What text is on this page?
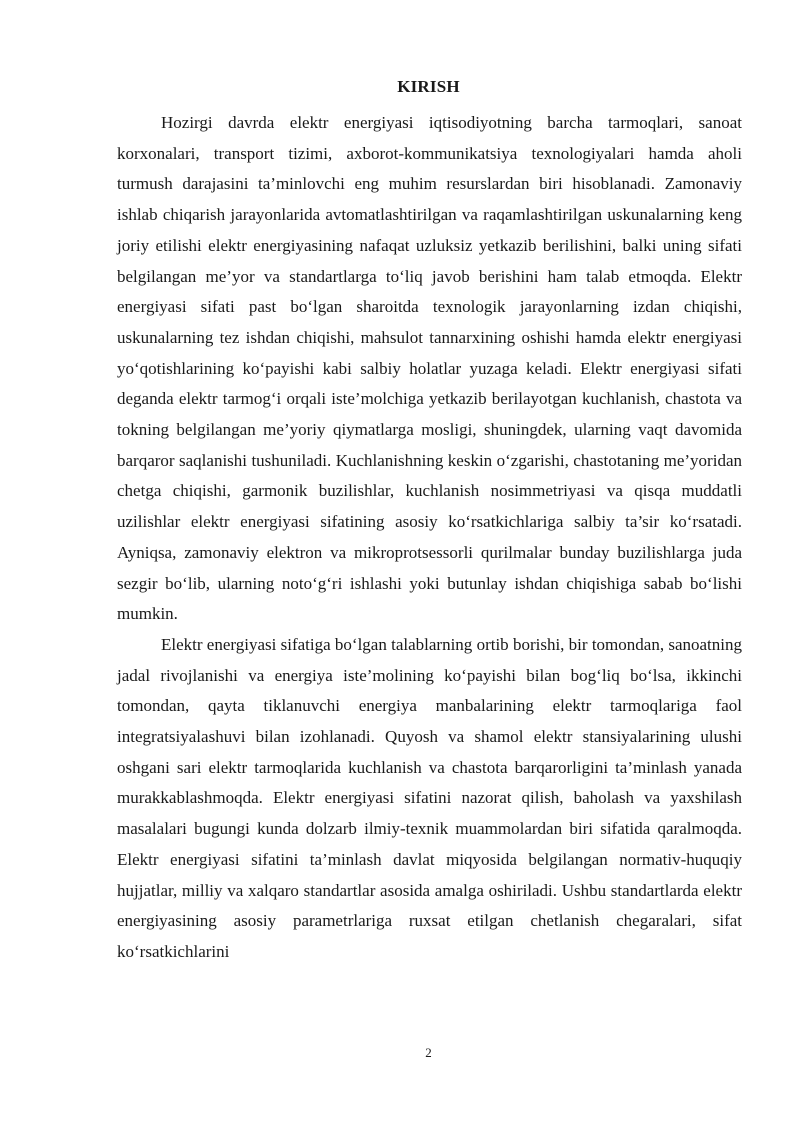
KIRISH

Hozirgi davrda elektr energiyasi iqtisodiyotning barcha tarmoqlari, sanoat korxonalari, transport tizimi, axborot-kommunikatsiya texnologiyalari hamda aholi turmush darajasini ta’minlovchi eng muhim resurslardan biri hisoblanadi. Zamonaviy ishlab chiqarish jarayonlarida avtomatlashtirilgan va raqamlashtirilgan uskunalarning keng joriy etilishi elektr energiyasining nafaqat uzluksiz yetkazib berilishini, balki uning sifati belgilangan me’yor va standartlarga to‘liq javob berishini ham talab etmoqda. Elektr energiyasi sifati past bo‘lgan sharoitda texnologik jarayonlarning izdan chiqishi, uskunalarning tez ishdan chiqishi, mahsulot tannarxining oshishi hamda elektr energiyasi yo‘qotishlarining ko‘payishi kabi salbiy holatlar yuzaga keladi. Elektr energiyasi sifati deganda elektr tarmog‘i orqali iste’molchiga yetkazib berilayotgan kuchlanish, chastota va tokning belgilangan me’yoriy qiymatlarga mosligi, shuningdek, ularning vaqt davomida barqaror saqlanishi tushuniladi. Kuchlanishning keskin o‘zgarishi, chastotaning me’yoridan chetga chiqishi, garmonik buzilishlar, kuchlanish nosimmetriyasi va qisqa muddatli uzilishlar elektr energiyasi sifatining asosiy ko‘rsatkichlariga salbiy ta’sir ko‘rsatadi. Ayniqsa, zamonaviy elektron va mikroprotsessorli qurilmalar bunday buzilishlarga juda sezgir bo‘lib, ularning noto‘g‘ri ishlashi yoki butunlay ishdan chiqishiga sabab bo‘lishi mumkin.

Elektr energiyasi sifatiga bo‘lgan talablarning ortib borishi, bir tomondan, sanoatning jadal rivojlanishi va energiya iste’molining ko‘payishi bilan bog‘liq bo‘lsa, ikkinchi tomondan, qayta tiklanuvchi energiya manbalarining elektr tarmoqlariga faol integratsiyalashuvi bilan izohlanadi. Quyosh va shamol elektr stansiyalarining ulushi oshgani sari elektr tarmoqlarida kuchlanish va chastota barqarorligini ta’minlash yanada murakkablashmoqda. Elektr energiyasi sifatini nazorat qilish, baholash va yaxshilash masalalari bugungi kunda dolzarb ilmiy-texnik muammolardan biri sifatida qaralmoqda. Elektr energiyasi sifatini ta’minlash davlat miqyosida belgilangan normativ-huquqiy hujjatlar, milliy va xalqaro standartlar asosida amalga oshiriladi. Ushbu standartlarda elektr energiyasining asosiy parametrlariga ruxsat etilgan chetlanish chegaralari, sifat ko‘rsatkichlarini

2
